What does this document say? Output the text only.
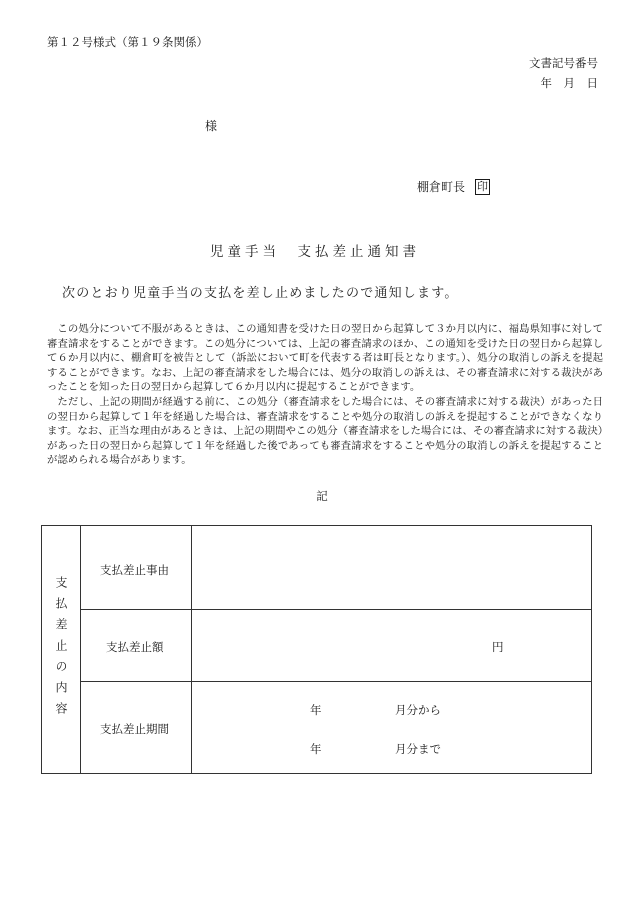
第１２号様式（第１９条関係）
文書記号番号
年　月　日
様
棚倉町長 印
児童手当　支払差止通知書
次のとおり児童手当の支払を差し止めましたので通知します。

この処分について不服があるときは、この通知書を受けた日の翌日から起算して３か月以内に、福島県知事に対して審査請求をすることができます。この処分については、上記の審査請求のほか、この通知を受けた日の翌日から起算して６か月以内に、棚倉町を被告として（訴訟において町を代表する者は町長となります。）、処分の取消しの訴えを提起することができます。なお、上記の審査請求をした場合には、処分の取消しの訴えは、その審査請求に対する裁決があったことを知った日の翌日から起算して６か月以内に提起することができます。

ただし、上記の期間が経過する前に、この処分（審査請求をした場合には、その審査請求に対する裁決）があった日の翌日から起算して１年を経過した場合は、審査請求をすることや処分の取消しの訴えを提起することができなくなります。なお、正当な理由があるときは、上記の期間やこの処分（審査請求をした場合には、その審査請求に対する裁決）があった日の翌日から起算して１年を経過した後であっても審査請求をすることや処分の取消しの訴えを提起することが認められる場合があります。

記
支払差止の内容
支払差止事由
支払差止額	円
支払差止期間
年	月分から
年	月分まで
